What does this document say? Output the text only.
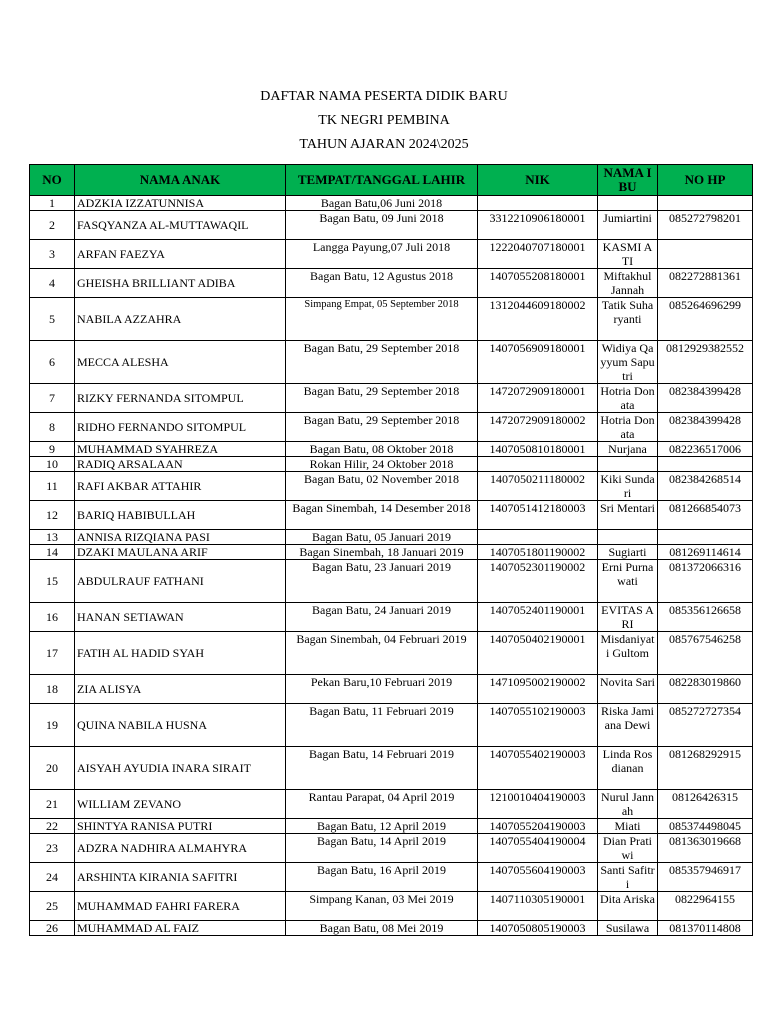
DAFTAR NAMA PESERTA DIDIK BARU
TK NEGRI PEMBINA
TAHUN AJARAN 2024\2025
NO	NAMA ANAK	TEMPAT/TANGGAL LAHIR	NIK	NAMA IBU	NO HP
1	ADZKIA IZZATUNNISA	Bagan Batu,06 Juni 2018			
2	FASQYANZA AL-MUTTAWAQIL	Bagan Batu, 09 Juni 2018	3312210906180001	Jumiartini	085272798201
3	ARFAN FAEZYA	Langga Payung,07 Juli 2018	1222040707180001	KASMI ATI	
4	GHEISHA BRILLIANT ADIBA	Bagan Batu, 12 Agustus 2018	1407055208180001	Miftakhul Jannah	082272881361
5	NABILA AZZAHRA	Simpang Empat, 05 September 2018	1312044609180002	Tatik Suharyanti	085264696299
6	MECCA ALESHA	Bagan Batu, 29 September 2018	1407056909180001	Widiya Qayyum Saputri	0812929382552
7	RIZKY FERNANDA SITOMPUL	Bagan Batu, 29 September 2018	1472072909180001	Hotria Donata	082384399428
8	RIDHO FERNANDO SITOMPUL	Bagan Batu, 29 September 2018	1472072909180002	Hotria Donata	082384399428
9	MUHAMMAD SYAHREZA	Bagan Batu, 08 Oktober 2018	1407050810180001	Nurjana	082236517006
10	RADIQ ARSALAAN	Rokan Hilir, 24 Oktober 2018			
11	RAFI AKBAR ATTAHIR	Bagan Batu, 02 November 2018	1407050211180002	Kiki Sundari	082384268514
12	BARIQ HABIBULLAH	Bagan Sinembah, 14 Desember 2018	1407051412180003	Sri Mentari	081266854073
13	ANNISA RIZQIANA PASI	Bagan Batu, 05 Januari 2019			
14	DZAKI MAULANA ARIF	Bagan Sinembah, 18 Januari 2019	1407051801190002	Sugiarti	081269114614
15	ABDULRAUF FATHANI	Bagan Batu, 23 Januari 2019	1407052301190002	Erni Purnawati	081372066316
16	HANAN SETIAWAN	Bagan Batu, 24 Januari 2019	1407052401190001	EVITAS ARI	085356126658
17	FATIH AL HADID SYAH	Bagan Sinembah, 04 Februari 2019	1407050402190001	Misdaniyati Gultom	085767546258
18	ZIA ALISYA	Pekan Baru,10 Februari 2019	1471095002190002	Novita Sari	082283019860
19	QUINA NABILA HUSNA	Bagan Batu, 11 Februari 2019	1407055102190003	Riska Jamiana Dewi	085272727354
20	AISYAH AYUDIA INARA SIRAIT	Bagan Batu, 14 Februari 2019	1407055402190003	Linda Rosdianan	081268292915
21	WILLIAM ZEVANO	Rantau Parapat, 04 April 2019	1210010404190003	Nurul Jannah	08126426315
22	SHINTYA RANISA PUTRI	Bagan Batu, 12 April 2019	1407055204190003	Miati	085374498045
23	ADZRA NADHIRA ALMAHYRA	Bagan Batu, 14 April 2019	1407055404190004	Dian Pratiwi	081363019668
24	ARSHINTA KIRANIA SAFITRI	Bagan Batu, 16 April 2019	1407055604190003	Santi Safitri	085357946917
25	MUHAMMAD FAHRI FARERA	Simpang Kanan, 03 Mei 2019	1407110305190001	Dita Ariska	0822964155
26	MUHAMMAD AL FAIZ	Bagan Batu, 08 Mei 2019	1407050805190003	Susilawa	081370114808
